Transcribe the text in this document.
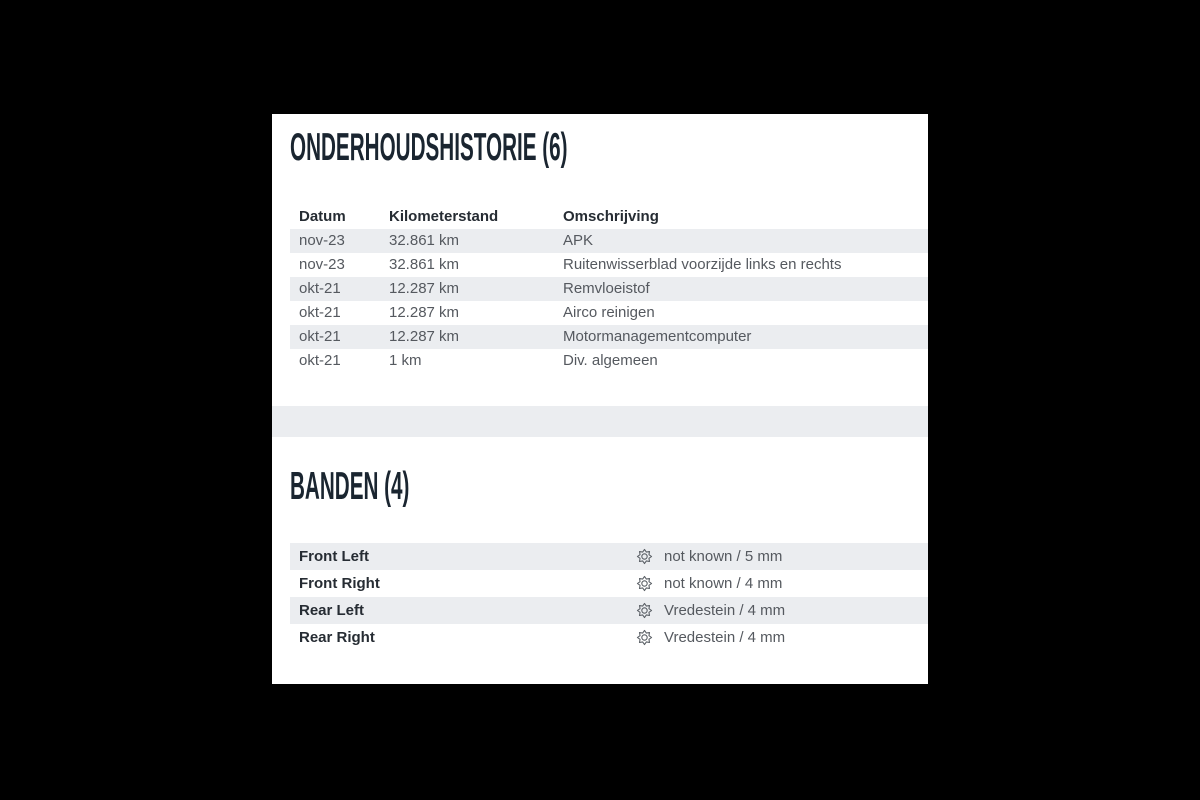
ONDERHOUDSHISTORIE (6)
Datum	Kilometerstand	Omschrijving
nov-23	32.861 km	APK
nov-23	32.861 km	Ruitenwisserblad voorzijde links en rechts
okt-21	12.287 km	Remvloeistof
okt-21	12.287 km	Airco reinigen
okt-21	12.287 km	Motormanagementcomputer
okt-21	1 km	Div. algemeen
BANDEN (4)
Front Left	not known / 5 mm
Front Right	not known / 4 mm
Rear Left	Vredestein / 4 mm
Rear Right	Vredestein / 4 mm
